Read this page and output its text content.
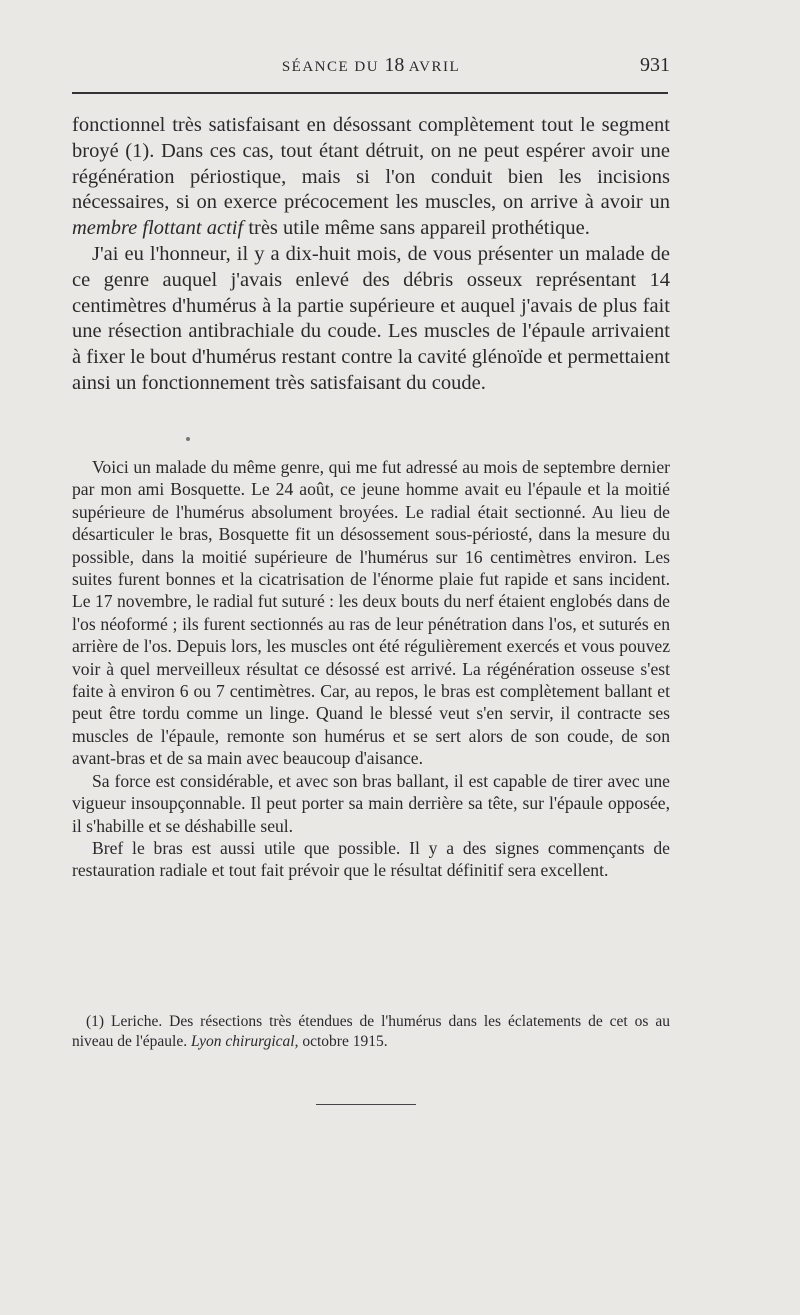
SÉANCE DU 18 AVRIL	931

fonctionnel très satisfaisant en désossant complètement tout le segment broyé (1). Dans ces cas, tout étant détruit, on ne peut espérer avoir une régénération périostique, mais si l'on conduit bien les incisions nécessaires, si on exerce précocement les muscles, on arrive à avoir un membre flottant actif très utile même sans appareil prothétique.

J'ai eu l'honneur, il y a dix-huit mois, de vous présenter un malade de ce genre auquel j'avais enlevé des débris osseux représentant 14 centimètres d'humérus à la partie supérieure et auquel j'avais de plus fait une résection antibrachiale du coude. Les muscles de l'épaule arrivaient à fixer le bout d'humérus restant contre la cavité glénoïde et permettaient ainsi un fonctionnement très satisfaisant du coude.

Voici un malade du même genre, qui me fut adressé au mois de septembre dernier par mon ami Bosquette. Le 24 août, ce jeune homme avait eu l'épaule et la moitié supérieure de l'humérus absolument broyées. Le radial était sectionné. Au lieu de désarticuler le bras, Bosquette fit un désossement sous-périosté, dans la mesure du possible, dans la moitié supérieure de l'humérus sur 16 centimètres environ. Les suites furent bonnes et la cicatrisation de l'énorme plaie fut rapide et sans incident. Le 17 novembre, le radial fut suturé : les deux bouts du nerf étaient englobés dans de l'os néoformé ; ils furent sectionnés au ras de leur pénétration dans l'os, et suturés en arrière de l'os. Depuis lors, les muscles ont été régulièrement exercés et vous pouvez voir à quel merveilleux résultat ce désossé est arrivé. La régénération osseuse s'est faite à environ 6 ou 7 centimètres. Car, au repos, le bras est complètement ballant et peut être tordu comme un linge. Quand le blessé veut s'en servir, il contracte ses muscles de l'épaule, remonte son humérus et se sert alors de son coude, de son avant-bras et de sa main avec beaucoup d'aisance.

Sa force est considérable, et avec son bras ballant, il est capable de tirer avec une vigueur insoupçonnable. Il peut porter sa main derrière sa tête, sur l'épaule opposée, il s'habille et se déshabille seul.

Bref le bras est aussi utile que possible. Il y a des signes commençants de restauration radiale et tout fait prévoir que le résultat définitif sera excellent.

(1) Leriche. Des résections très étendues de l'humérus dans les éclatements de cet os au niveau de l'épaule. Lyon chirurgical, octobre 1915.
